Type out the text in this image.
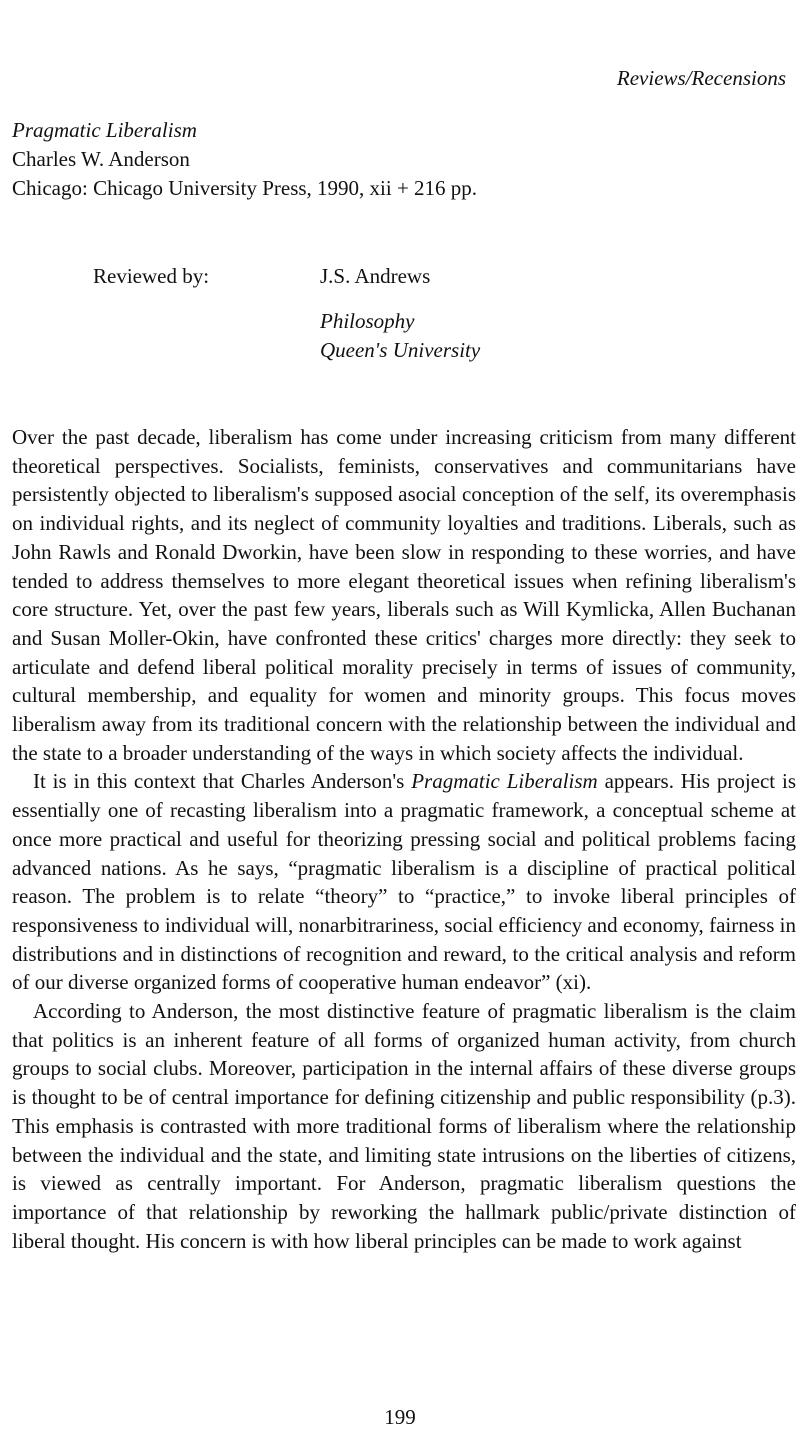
Reviews/Recensions
Pragmatic Liberalism
Charles W. Anderson
Chicago: Chicago University Press, 1990, xii + 216 pp.
Reviewed by:	J.S. Andrews
Philosophy
Queen's University

Over the past decade, liberalism has come under increasing criticism from many different theoretical perspectives. Socialists, feminists, conservatives and communitarians have persistently objected to liberalism's supposed asocial conception of the self, its overemphasis on individual rights, and its neglect of community loyalties and traditions. Liberals, such as John Rawls and Ronald Dworkin, have been slow in responding to these worries, and have tended to address themselves to more elegant theoretical issues when refining liberalism's core structure. Yet, over the past few years, liberals such as Will Kymlicka, Allen Buchanan and Susan Moller-Okin, have confronted these critics' charges more directly: they seek to articulate and defend liberal political morality precisely in terms of issues of community, cultural membership, and equality for women and minority groups. This focus moves liberalism away from its traditional concern with the relationship between the individual and the state to a broader understanding of the ways in which society affects the individual.

It is in this context that Charles Anderson's Pragmatic Liberalism appears. His project is essentially one of recasting liberalism into a pragmatic framework, a conceptual scheme at once more practical and useful for theorizing pressing social and political problems facing advanced nations. As he says, “pragmatic liberalism is a discipline of practical political reason. The problem is to relate “theory” to “practice,” to invoke liberal principles of responsiveness to individual will, nonarbitrariness, social efficiency and economy, fairness in distributions and in distinctions of recognition and reward, to the critical analysis and reform of our diverse organized forms of cooperative human endeavor” (xi).

According to Anderson, the most distinctive feature of pragmatic liberalism is the claim that politics is an inherent feature of all forms of organized human activity, from church groups to social clubs. Moreover, participation in the internal affairs of these diverse groups is thought to be of central importance for defining citizenship and public responsibility (p.3). This emphasis is contrasted with more traditional forms of liberalism where the relationship between the individual and the state, and limiting state intrusions on the liberties of citizens, is viewed as centrally important. For Anderson, pragmatic liberalism questions the importance of that relationship by reworking the hallmark public/private distinction of liberal thought. His concern is with how liberal principles can be made to work against

199
